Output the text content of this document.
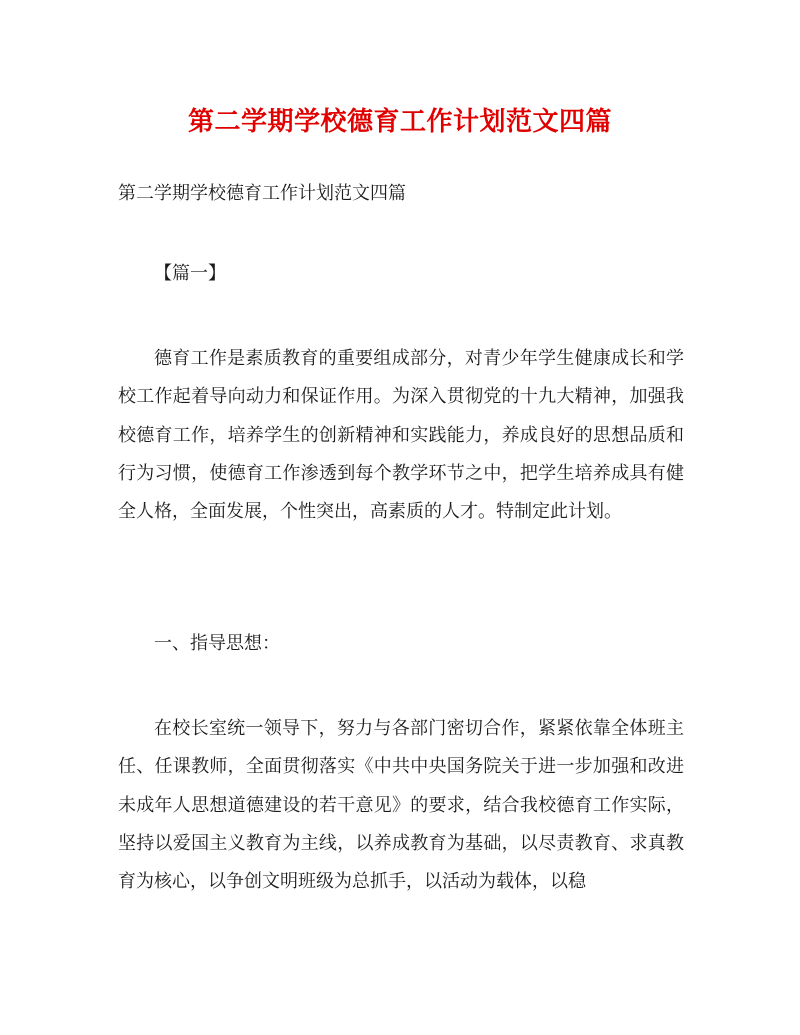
第二学期学校德育工作计划范文四篇
第二学期学校德育工作计划范文四篇
【篇一】
德育工作是素质教育的重要组成部分，对青少年学生健康成长和学校工作起着导向动力和保证作用。为深入贯彻党的十九大精神，加强我校德育工作，培养学生的创新精神和实践能力，养成良好的思想品质和行为习惯，使德育工作渗透到每个教学环节之中，把学生培养成具有健全人格，全面发展，个性突出，高素质的人才。特制定此计划。
一、指导思想：
在校长室统一领导下，努力与各部门密切合作，紧紧依靠全体班主任、任课教师，全面贯彻落实《中共中央国务院关于进一步加强和改进未成年人思想道德建设的若干意见》的要求，结合我校德育工作实际，坚持以爱国主义教育为主线，以养成教育为基础，以尽责教育、求真教育为核心，以争创文明班级为总抓手，以活动为载体，以稳
